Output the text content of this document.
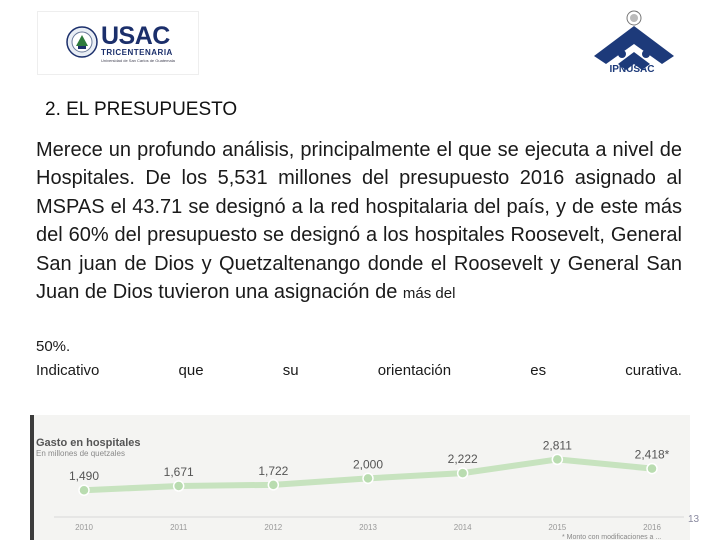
USAC
TRICENTENARIA
Universidad de San Carlos de Guatemala
IPNUSAC
2. EL PRESUPUESTO
Merece un profundo análisis, principalmente el que se ejecuta a nivel de Hospitales. De los 5,531 millones del presupuesto 2016 asignado al MSPAS el 43.71 se designó a la red hospitalaria del país, y de este más del 60% del presupuesto se designó a los hospitales Roosevelt, General San juan de Dios y Quetzaltenango donde el Roosevelt y General San Juan de Dios tuvieron una asignación de más del
50%.
Indicativo	que	su	orientación	es	curativa.
1,490
2010
1,671
2011
1,722
2012
2,000
2013
2,222
2014
2,811
2015
2,418*
2016
* Monto con modificaciones a ...
Gasto en hospitales
En millones de quetzales
13
